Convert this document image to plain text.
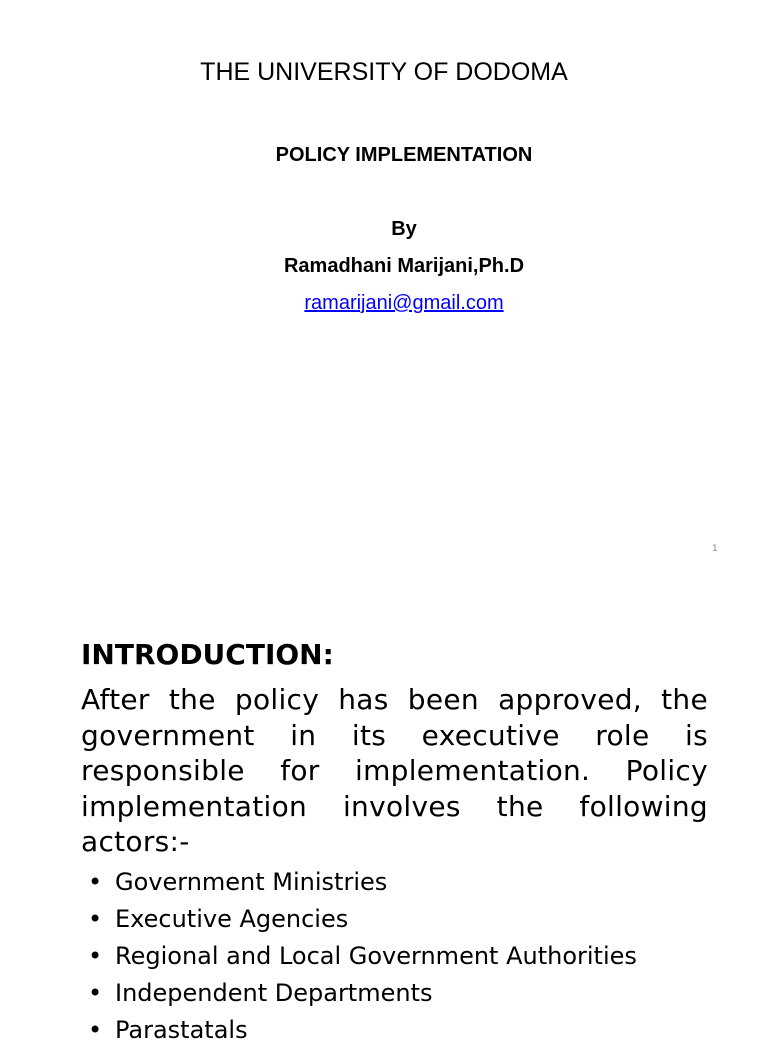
THE UNIVERSITY OF DODOMA
POLICY IMPLEMENTATION
By
Ramadhani Marijani,Ph.D
ramarijani@gmail.com
1
INTRODUCTION:
After the policy has been approved, the government in its executive role is responsible for implementation. Policy implementation involves the following actors:-
• Government Ministries
• Executive Agencies
• Regional and Local Government Authorities
• Independent Departments
• Parastatals
